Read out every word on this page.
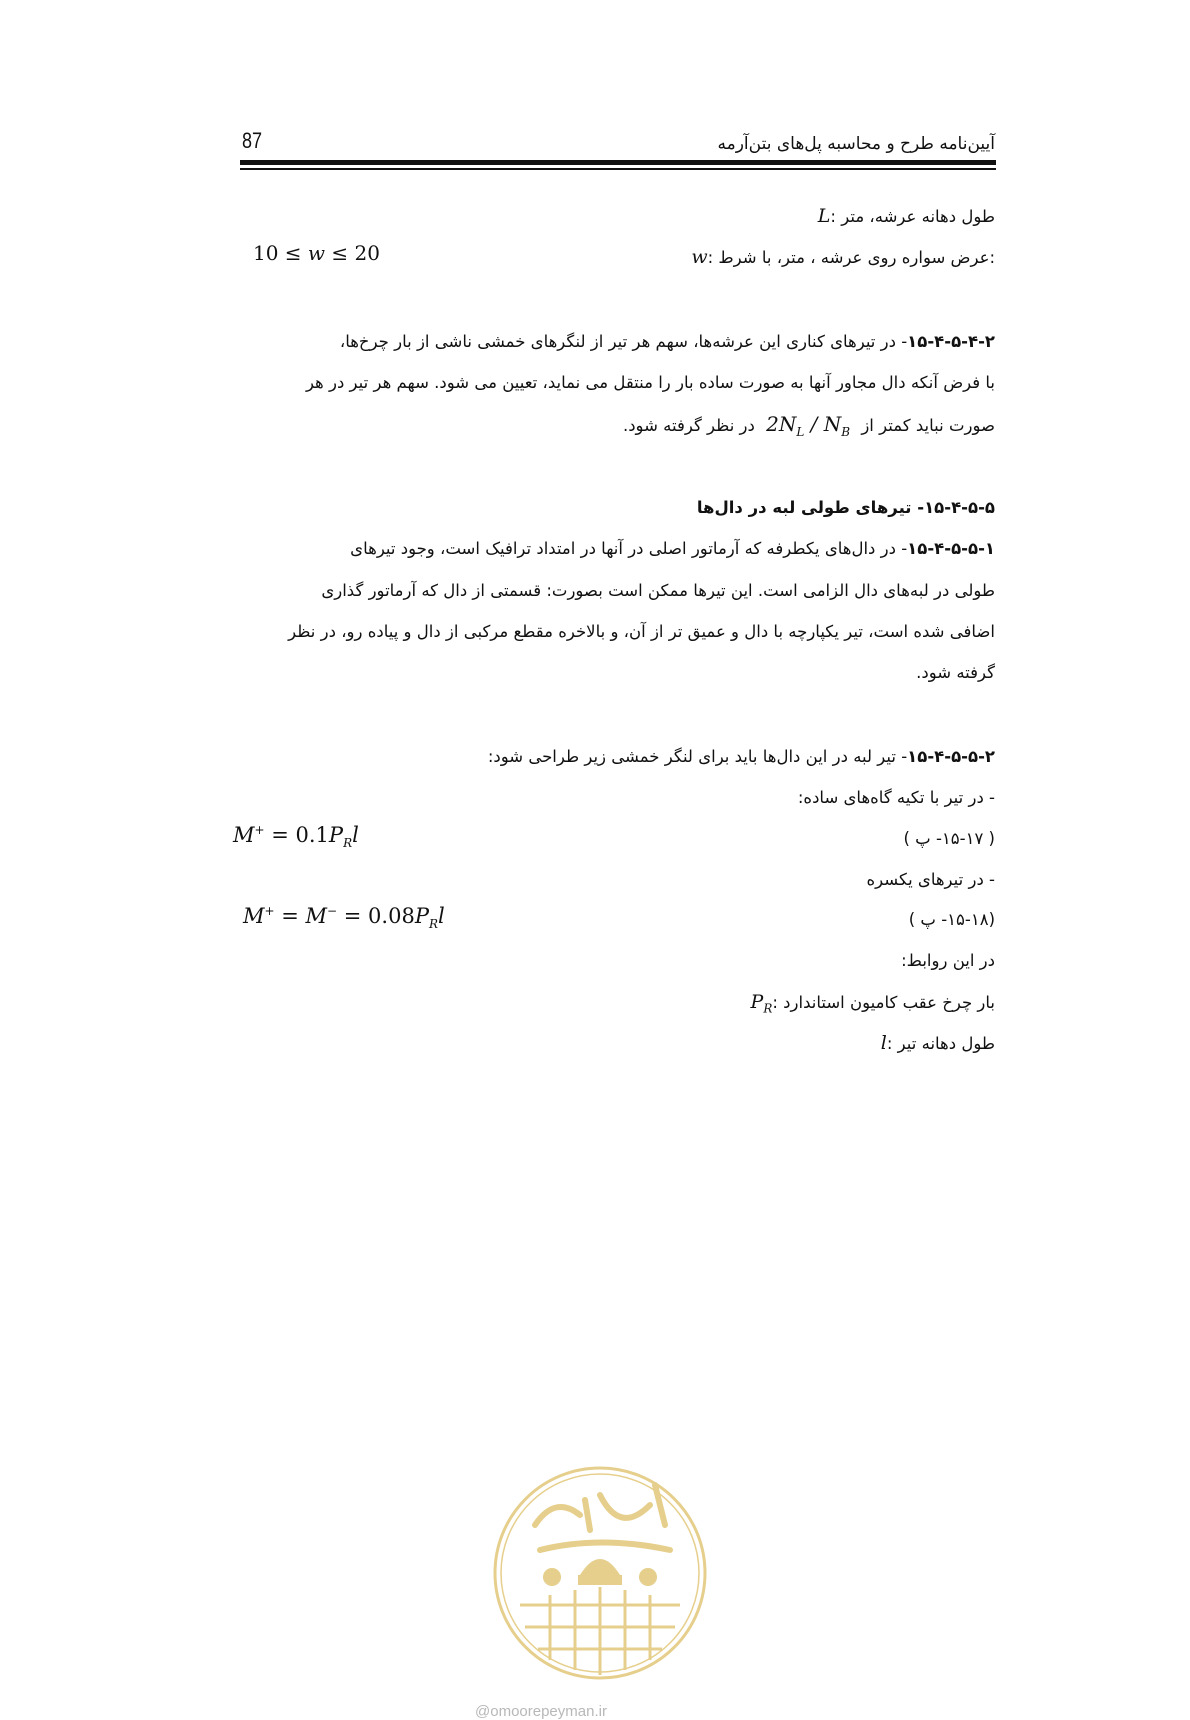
87	آیین‌نامه طرح و محاسبه پل‌های بتن‌آرمه
L: طول دهانه عرشه، متر
w: عرض سواره روی عرشه ، متر، با شرط:
10 ≤ w ≤ 20
۱۵-۴-۵-۴-۲- در تیرهای کناری این عرشه‌ها، سهم هر تیر از لنگرهای خمشی ناشی از بار چرخ‌ها،
با فرض آنکه دال مجاور آنها به صورت ساده بار را منتقل می نماید، تعیین می شود. سهم هر تیر در هر
صورت نباید کمتر از $2N_L / N_B$ در نظر گرفته شود.
۱۵-۴-۵-۵- تیرهای طولی لبه در دال‌ها
۱۵-۴-۵-۵-۱- در دال‌های یکطرفه که آرماتور اصلی در آنها در امتداد ترافیک است، وجود تیرهای
طولی در لبه‌های دال الزامی است. این تیرها ممکن است بصورت: قسمتی از دال که آرماتور گذاری
اضافی شده است، تیر یکپارچه با دال و عمیق تر از آن، و بالاخره مقطع مرکبی از دال و پیاده رو، در نظر
گرفته شود.
۱۵-۴-۵-۵-۲- تیر لبه در این دال‌ها باید برای لنگر خمشی زیر طراحی شود:
- در تیر با تکیه گاه‌های ساده:
( ۱۵-۱۷- پ )
$M^+ = 0.1P_Rl$
- در تیرهای یکسره
(۱۵-۱۸- پ )
$M^+ = M^- = 0.08P_Rl$
در این روابط:
$P_R$: بار چرخ عقب کامیون استاندارد
l: طول دهانه تیر
@omoorepeyman.ir
